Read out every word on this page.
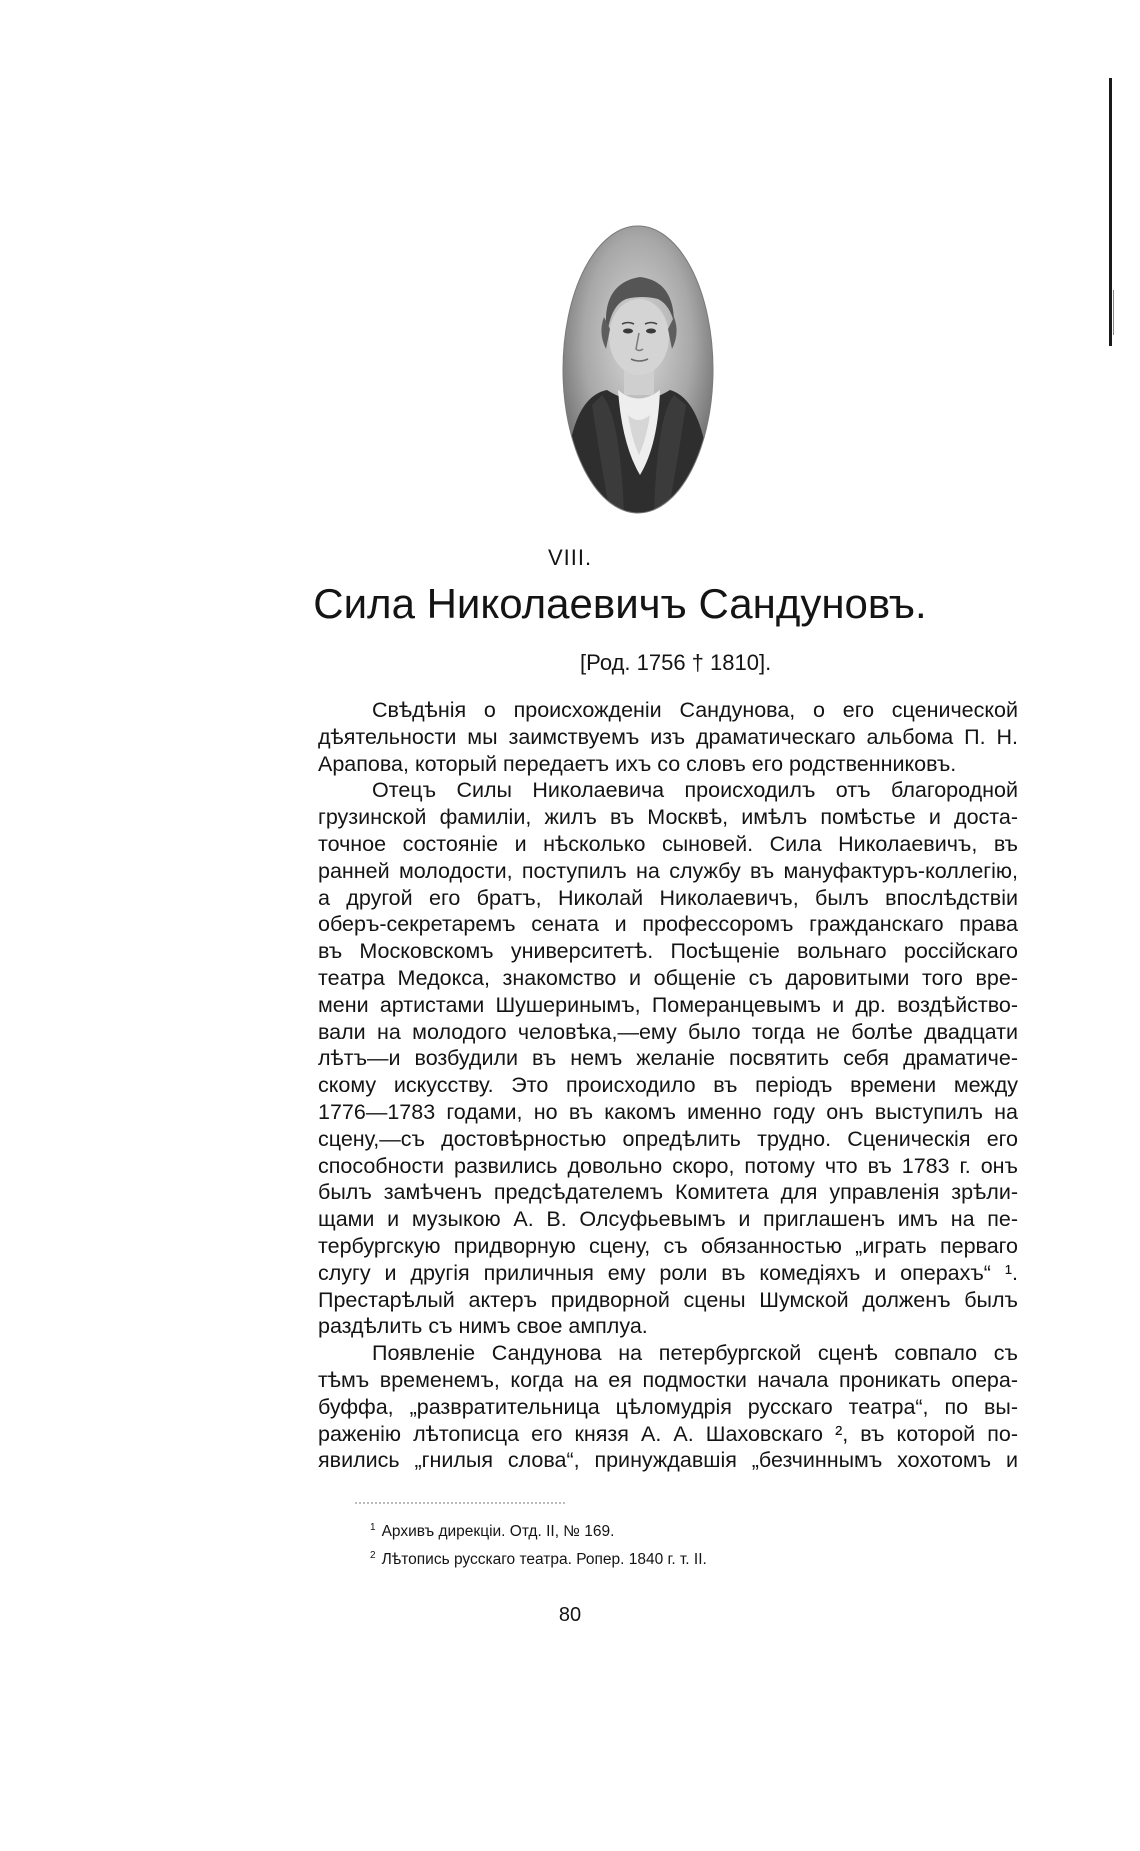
VIII.
Сила Николаевичъ Сандуновъ.
[Род. 1756 † 1810].

Свѣдѣнія о происхожденіи Сандунова, о его сценической

дѣятельности мы заимствуемъ изъ драматическаго альбома П. Н.

Арапова, который передаетъ ихъ со словъ его родственниковъ.

Отецъ Силы Николаевича происходилъ отъ благородной

грузинской фамиліи, жилъ въ Москвѣ, имѣлъ помѣстье и доста-

точное состояніе и нѣсколько сыновей. Сила Николаевичъ, въ

ранней молодости, поступилъ на службу въ мануфактуръ-коллегію,

а другой его братъ, Николай Николаевичъ, былъ впослѣдствіи

оберъ-секретаремъ сената и профессоромъ гражданскаго права

въ Московскомъ университетѣ. Посѣщеніе вольнаго россійскаго

театра Медокса, знакомство и общеніе съ даровитыми того вре-

мени артистами Шушеринымъ, Померанцевымъ и др. воздѣйство-

вали на молодого человѣка,—ему было тогда не болѣе двадцати

лѣтъ—и возбудили въ немъ желаніе посвятить себя драматиче-

скому искусству. Это происходило въ періодъ времени между

1776—1783 годами, но въ какомъ именно году онъ выступилъ на

сцену,—съ достовѣрностью опредѣлить трудно. Сценическія его

способности развились довольно скоро, потому что въ 1783 г. онъ

былъ замѣченъ предсѣдателемъ Комитета для управленія зрѣли-

щами и музыкою А. В. Олсуфьевымъ и приглашенъ имъ на пе-

тербургскую придворную сцену, съ обязанностью „играть перваго

слугу и другія приличныя ему роли въ комедіяхъ и операхъ“ ¹.

Престарѣлый актеръ придворной сцены Шумской долженъ былъ

раздѣлить съ нимъ свое амплуа.

Появленіе Сандунова на петербургской сценѣ совпало съ

тѣмъ временемъ, когда на ея подмостки начала проникать опера-

буффа, „развратительница цѣломудрія русскаго театра“, по вы-

раженію лѣтописца его князя А. А. Шаховскаго ², въ которой по-

явились „гнилыя слова“, принуждавшія „безчиннымъ хохотомъ и

$^1$ Архивъ дирекціи. Отд. II, № 169.
$^2$ Лѣтопись русскаго театра. Ропер. 1840 г. т. II.
80
